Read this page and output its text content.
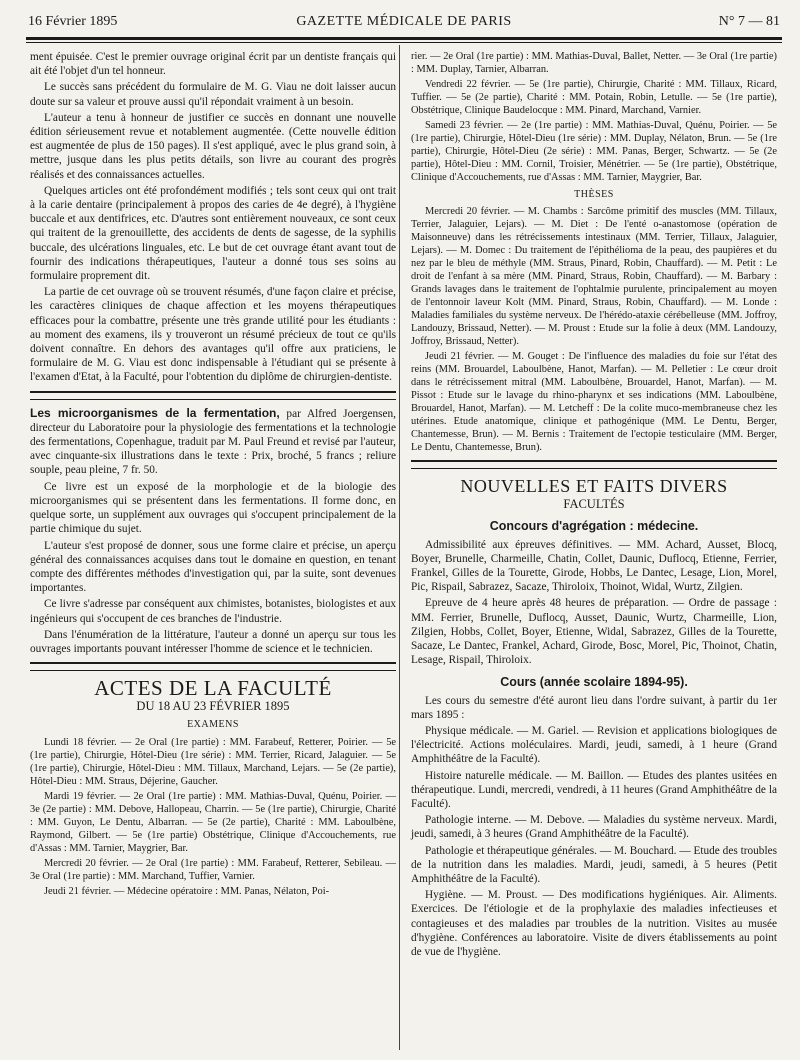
16 Février 1895	GAZETTE MÉDICALE DE PARIS	N° 7 — 81

ment épuisée. C'est le premier ouvrage original écrit par un dentiste français qui ait été l'objet d'un tel honneur.

Le succès sans précédent du formulaire de M. G. Viau ne doit laisser aucun doute sur sa valeur et prouve aussi qu'il répondait vraiment à un besoin.

L'auteur a tenu à honneur de justifier ce succès en donnant une nouvelle édition sérieusement revue et notablement augmentée. (Cette nouvelle édition est augmentée de plus de 150 pages). Il s'est appliqué, avec le plus grand soin, à mettre, jusque dans les plus petits détails, son livre au courant des progrès réalisés et des connaissances actuelles.

Quelques articles ont été profondément modifiés ; tels sont ceux qui ont trait à la carie dentaire (principalement à propos des caries de 4e degré), à l'hygiène buccale et aux dentifrices, etc. D'autres sont entièrement nouveaux, ce sont ceux qui traitent de la grenouillette, des accidents de dents de sagesse, de la syphilis buccale, des ulcérations linguales, etc. Le but de cet ouvrage étant avant tout de fournir des indications thérapeutiques, l'auteur a donné tous ses soins au formulaire proprement dit.

La partie de cet ouvrage où se trouvent résumés, d'une façon claire et précise, les caractères cliniques de chaque affection et les moyens thérapeutiques efficaces pour la combattre, présente une très grande utilité pour les étudiants : au moment des examens, ils y trouveront un résumé précieux de tout ce qu'ils doivent connaître. En dehors des avantages qu'il offre aux praticiens, le formulaire de M. G. Viau est donc indispensable à l'étudiant qui se présente à l'examen d'Etat, à la Faculté, pour l'obtention du diplôme de chirurgien-dentiste.

Les microorganismes de la fermentation, par Alfred Joergensen, directeur du Laboratoire pour la physiologie des fermentations et la technologie des fermentations, Copenhague, traduit par M. Paul Freund et revisé par l'auteur, avec cinquante-six illustrations dans le texte : Prix, broché, 5 francs ; reliure souple, peau pleine, 7 fr. 50.

Ce livre est un exposé de la morphologie et de la biologie des microorganismes qui se présentent dans les fermentations. Il forme donc, en quelque sorte, un supplément aux ouvrages qui s'occupent principalement de la partie chimique du sujet.

L'auteur s'est proposé de donner, sous une forme claire et précise, un aperçu général des connaissances acquises dans tout le domaine en question, en tenant compte des différentes méthodes d'investigation qui, par la suite, sont devenues importantes.

Ce livre s'adresse par conséquent aux chimistes, botanistes, biologistes et aux ingénieurs qui s'occupent de ces branches de l'industrie.

Dans l'énumération de la littérature, l'auteur a donné un aperçu sur tous les ouvrages importants pouvant intéresser l'homme de science et le technicien.

ACTES DE LA FACULTÉ
DU 18 AU 23 FÉVRIER 1895
EXAMENS

Lundi 18 février. — 2e Oral (1re partie) : MM. Farabeuf, Retterer, Poirier. — 5e (1re partie), Chirurgie, Hôtel-Dieu (1re série) : MM. Terrier, Ricard, Jalaguier. — 5e (1re partie), Chirurgie, Hôtel-Dieu : MM. Tillaux, Marchand, Lejars. — 5e (2e partie), Hôtel-Dieu : MM. Straus, Déjerine, Gaucher.

Mardi 19 février. — 2e Oral (1re partie) : MM. Mathias-Duval, Quénu, Poirier. — 3e (2e partie) : MM. Debove, Hallopeau, Charrin. — 5e (1re partie), Chirurgie, Charité : MM. Guyon, Le Dentu, Albarran. — 5e (2e partie), Charité : MM. Laboulbène, Raymond, Gilbert. — 5e (1re partie) Obstétrique, Clinique d'Accouchements, rue d'Assas : MM. Tarnier, Maygrier, Bar.

Mercredi 20 février. — 2e Oral (1re partie) : MM. Farabeuf, Retterer, Sebileau. — 3e Oral (1re partie) : MM. Marchand, Tuffier, Varnier.

Jeudi 21 février. — Médecine opératoire : MM. Panas, Nélaton, Poi-

rier. — 2e Oral (1re partie) : MM. Mathias-Duval, Ballet, Netter. — 3e Oral (1re partie) : MM. Duplay, Tarnier, Albarran.

Vendredi 22 février. — 5e (1re partie), Chirurgie, Charité : MM. Tillaux, Ricard, Tuffier. — 5e (2e partie), Charité : MM. Potain, Robin, Letulle. — 5e (1re partie), Obstétrique, Clinique Baudelocque : MM. Pinard, Marchand, Varnier.

Samedi 23 février. — 2e (1re partie) : MM. Mathias-Duval, Quénu, Poirier. — 5e (1re partie), Chirurgie, Hôtel-Dieu (1re série) : MM. Duplay, Nélaton, Brun. — 5e (1re partie), Chirurgie, Hôtel-Dieu (2e série) : MM. Panas, Berger, Schwartz. — 5e (2e partie), Hôtel-Dieu : MM. Cornil, Troisier, Ménétrier. — 5e (1re partie), Obstétrique, Clinique d'Accouchements, rue d'Assas : MM. Tarnier, Maygrier, Bar.

THÈSES

Mercredi 20 février. — M. Chambs : Sarcôme primitif des muscles (MM. Tillaux, Terrier, Jalaguier, Lejars). — M. Diet : De l'enté o-anastomose (opération de Maisonneuve) dans les rétrécissements intestinaux (MM. Terrier, Tillaux, Jalaguier, Lejars). — M. Domec : Du traitement de l'épithélioma de la peau, des paupières et du nez par le bleu de méthyle (MM. Straus, Pinard, Robin, Chauffard). — M. Petit : Le droit de l'enfant à sa mère (MM. Pinard, Straus, Robin, Chauffard). — M. Barbary : Grands lavages dans le traitement de l'ophtalmie purulente, principalement au moyen de l'entonnoir laveur Kolt (MM. Pinard, Straus, Robin, Chauffard). — M. Londe : Maladies familiales du système nerveux. De l'hérédo-ataxie cérébelleuse (MM. Joffroy, Landouzy, Brissaud, Netter). — M. Proust : Etude sur la folie à deux (MM. Landouzy, Joffroy, Brissaud, Netter).

Jeudi 21 février. — M. Gouget : De l'influence des maladies du foie sur l'état des reins (MM. Brouardel, Laboulbène, Hanot, Marfan). — M. Pelletier : Le cœur droit dans le rétrécissement mitral (MM. Laboulbène, Brouardel, Hanot, Marfan). — M. Pissot : Etude sur le lavage du rhino-pharynx et ses indications (MM. Laboulbène, Brouardel, Hanot, Marfan). — M. Letcheff : De la colite muco-membraneuse chez les utérines. Etude anatomique, clinique et pathogénique (MM. Le Dentu, Berger, Chantemesse, Brun). — M. Bernis : Traitement de l'ectopie testiculaire (MM. Berger, Le Dentu, Chantemesse, Brun).

NOUVELLES ET FAITS DIVERS
FACULTÉS
Concours d'agrégation : médecine.

Admissibilité aux épreuves définitives. — MM. Achard, Ausset, Blocq, Boyer, Brunelle, Charmeille, Chatin, Collet, Daunic, Duflocq, Etienne, Ferrier, Frankel, Gilles de la Tourette, Girode, Hobbs, Le Dantec, Lesage, Lion, Morel, Pic, Rispail, Sabrazez, Sacaze, Thiroloix, Thoinot, Widal, Wurtz, Zilgien.

Epreuve de 4 heure après 48 heures de préparation. — Ordre de passage : MM. Ferrier, Brunelle, Duflocq, Ausset, Daunic, Wurtz, Charmeille, Lion, Zilgien, Hobbs, Collet, Boyer, Etienne, Widal, Sabrazez, Gilles de la Tourette, Sacaze, Le Dantec, Frankel, Achard, Girode, Bosc, Morel, Pic, Thoinot, Chatin, Lesage, Rispail, Thiroloix.

Cours (année scolaire 1894-95).

Les cours du semestre d'été auront lieu dans l'ordre suivant, à partir du 1er mars 1895 :

Physique médicale. — M. Gariel. — Revision et applications biologiques de l'électricité. Actions moléculaires. Mardi, jeudi, samedi, à 1 heure (Grand Amphithéâtre de la Faculté).

Histoire naturelle médicale. — M. Baillon. — Etudes des plantes usitées en thérapeutique. Lundi, mercredi, vendredi, à 11 heures (Grand Amphithéâtre de la Faculté).

Pathologie interne. — M. Debove. — Maladies du système nerveux. Mardi, jeudi, samedi, à 3 heures (Grand Amphithéâtre de la Faculté).

Pathologie et thérapeutique générales. — M. Bouchard. — Etude des troubles de la nutrition dans les maladies. Mardi, jeudi, samedi, à 5 heures (Petit Amphithéâtre de la Faculté).

Hygiène. — M. Proust. — Des modifications hygiéniques. Air. Aliments. Exercices. De l'étiologie et de la prophylaxie des maladies infectieuses et contagieuses et des maladies par troubles de la nutrition. Visites au musée d'hygiène. Conférences au laboratoire. Visite de divers établissements au point de vue de l'hygiène.
